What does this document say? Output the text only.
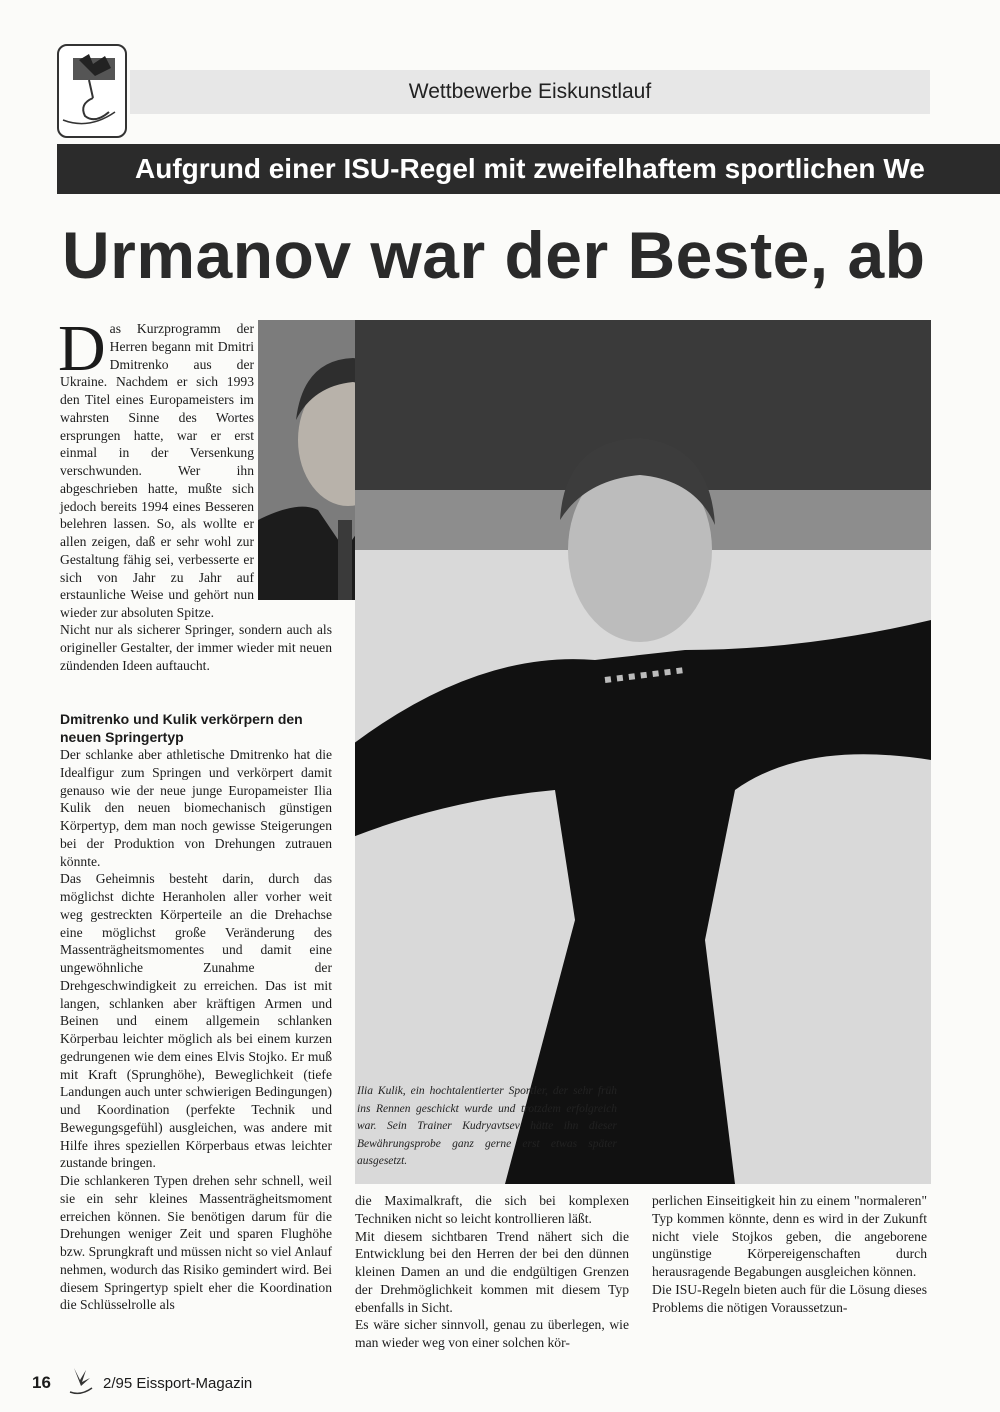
Wettbewerbe Eiskunstlauf
Aufgrund einer ISU-Regel mit zweifelhaftem sportlichen We
Urmanov war der Beste, ab
Ilia Kulik, ein hochtalentierter Sportler, der sehr früh ins Rennen geschickt wurde und trotzdem erfolgreich war. Sein Trainer Kudryavtsev hätte ihn dieser Bewährungsprobe ganz gerne erst etwas später ausgesetzt.
Das Kurzprogramm der Herren begann mit Dmitri Dmitrenko aus der Ukraine. Nachdem er sich 1993 den Titel eines Europameisters im wahrsten Sinne des Wortes ersprungen hatte, war er erst einmal in der Versenkung verschwunden. Wer ihn abgeschrieben hatte, mußte sich jedoch bereits 1994 eines Besseren belehren lassen. So, als wollte er allen zeigen, daß er sehr wohl zur Gestaltung fähig sei, verbesserte er sich von Jahr zu Jahr auf erstaunliche Weise und gehört nun wieder zur absoluten Spitze.
Nicht nur als sicherer Springer, sondern auch als origineller Gestalter, der immer wieder mit neuen zündenden Ideen auftaucht.
Dmitrenko und Kulik verkörpern den neuen Springertyp

Der schlanke aber athletische Dmitrenko hat die Idealfigur zum Springen und verkörpert damit genauso wie der neue junge Europameister Ilia Kulik den neuen biomechanisch günstigen Körpertyp, dem man noch gewisse Steigerungen bei der Produktion von Drehungen zutrauen könnte.

Das Geheimnis besteht darin, durch das möglichst dichte Heranholen aller vorher weit weg gestreckten Körperteile an die Drehachse eine möglichst große Veränderung des Massenträgheitsmomentes und damit eine ungewöhnliche Zunahme der Drehgeschwindigkeit zu erreichen. Das ist mit langen, schlanken aber kräftigen Armen und Beinen und einem allgemein schlanken Körperbau leichter möglich als bei einem kurzen gedrungenen wie dem eines Elvis Stojko. Er muß mit Kraft (Sprunghöhe), Beweglichkeit (tiefe Landungen auch unter schwierigen Bedingungen) und Koordination (perfekte Technik und Bewegungsgefühl) ausgleichen, was andere mit Hilfe ihres speziellen Körperbaus etwas leichter zustande bringen.

Die schlankeren Typen drehen sehr schnell, weil sie ein sehr kleines Massenträgheitsmoment erreichen können. Sie benötigen darum für die Drehungen weniger Zeit und sparen Flughöhe bzw. Sprungkraft und müssen nicht so viel Anlauf nehmen, wodurch das Risiko gemindert wird. Bei diesem Springertyp spielt eher die Koordination die Schlüsselrolle als

die Maximalkraft, die sich bei komplexen Techniken nicht so leicht kontrollieren läßt.

Mit diesem sichtbaren Trend nähert sich die Entwicklung bei den Herren der bei den dünnen kleinen Damen an und die endgültigen Grenzen der Drehmöglichkeit kommen mit diesem Typ ebenfalls in Sicht.

Es wäre sicher sinnvoll, genau zu überlegen, wie man wieder weg von einer solchen kör-

perlichen Einseitigkeit hin zu einem "normaleren" Typ kommen könnte, denn es wird in der Zukunft nicht viele Stojkos geben, die angeborene ungünstige Körpereigenschaften durch herausragende Begabungen ausgleichen können.

Die ISU-Regeln bieten auch für die Lösung dieses Problems die nötigen Voraussetzun-

16	2/95 Eissport-Magazin
